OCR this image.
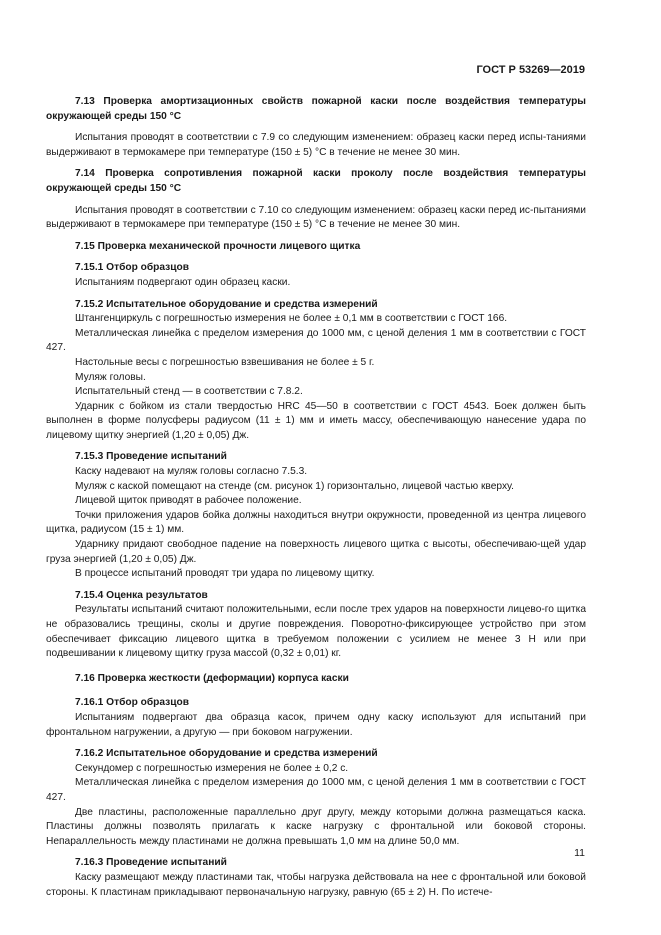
ГОСТ Р 53269—2019

7.13 Проверка амортизационных свойств пожарной каски после воздействия температуры окружающей среды 150 °С

Испытания проводят в соответствии с 7.9 со следующим изменением: образец каски перед испы-таниями выдерживают в термокамере при температуре (150 ± 5) °С в течение не менее 30 мин.

7.14 Проверка сопротивления пожарной каски проколу после воздействия температуры окружающей среды 150 °С

Испытания проводят в соответствии с 7.10 со следующим изменением: образец каски перед ис-пытаниями выдерживают в термокамере при температуре (150 ± 5) °С в течение не менее 30 мин.

7.15 Проверка механической прочности лицевого щитка

7.15.1 Отбор образцов

Испытаниям подвергают один образец каски.

7.15.2 Испытательное оборудование и средства измерений

Штангенциркуль с погрешностью измерения не более ± 0,1 мм в соответствии с ГОСТ 166.

Металлическая линейка с пределом измерения до 1000 мм, с ценой деления 1 мм в соответствии с ГОСТ 427.

Настольные весы с погрешностью взвешивания не более ± 5 г.

Муляж головы.

Испытательный стенд — в соответствии с 7.8.2.

Ударник с бойком из стали твердостью HRC 45—50 в соответствии с ГОСТ 4543. Боек должен быть выполнен в форме полусферы радиусом (11 ± 1) мм и иметь массу, обеспечивающую нанесение удара по лицевому щитку энергией (1,20 ± 0,05) Дж.

7.15.3 Проведение испытаний

Каску надевают на муляж головы согласно 7.5.3.

Муляж с каской помещают на стенде (см. рисунок 1) горизонтально, лицевой частью кверху.

Лицевой щиток приводят в рабочее положение.

Точки приложения ударов бойка должны находиться внутри окружности, проведенной из центра лицевого щитка, радиусом (15 ± 1) мм.

Ударнику придают свободное падение на поверхность лицевого щитка с высоты, обеспечиваю-щей удар груза энергией (1,20 ± 0,05) Дж.

В процессе испытаний проводят три удара по лицевому щитку.

7.15.4 Оценка результатов

Результаты испытаний считают положительными, если после трех ударов на поверхности лицево-го щитка не образовались трещины, сколы и другие повреждения. Поворотно-фиксирующее устройство при этом обеспечивает фиксацию лицевого щитка в требуемом положении с усилием не менее 3 Н или при подвешивании к лицевому щитку груза массой (0,32 ± 0,01) кг.

7.16 Проверка жесткости (деформации) корпуса каски

7.16.1 Отбор образцов

Испытаниям подвергают два образца касок, причем одну каску используют для испытаний при фронтальном нагружении, а другую — при боковом нагружении.

7.16.2 Испытательное оборудование и средства измерений

Секундомер с погрешностью измерения не более ± 0,2 с.

Металлическая линейка с пределом измерения до 1000 мм, с ценой деления 1 мм в соответствии с ГОСТ 427.

Две пластины, расположенные параллельно друг другу, между которыми должна размещаться каска. Пластины должны позволять прилагать к каске нагрузку с фронтальной или боковой стороны. Непараллельность между пластинами не должна превышать 1,0 мм на длине 50,0 мм.

7.16.3 Проведение испытаний

Каску размещают между пластинами так, чтобы нагрузка действовала на нее с фронтальной или боковой стороны. К пластинам прикладывают первоначальную нагрузку, равную (65 ± 2) Н. По истече-

11
